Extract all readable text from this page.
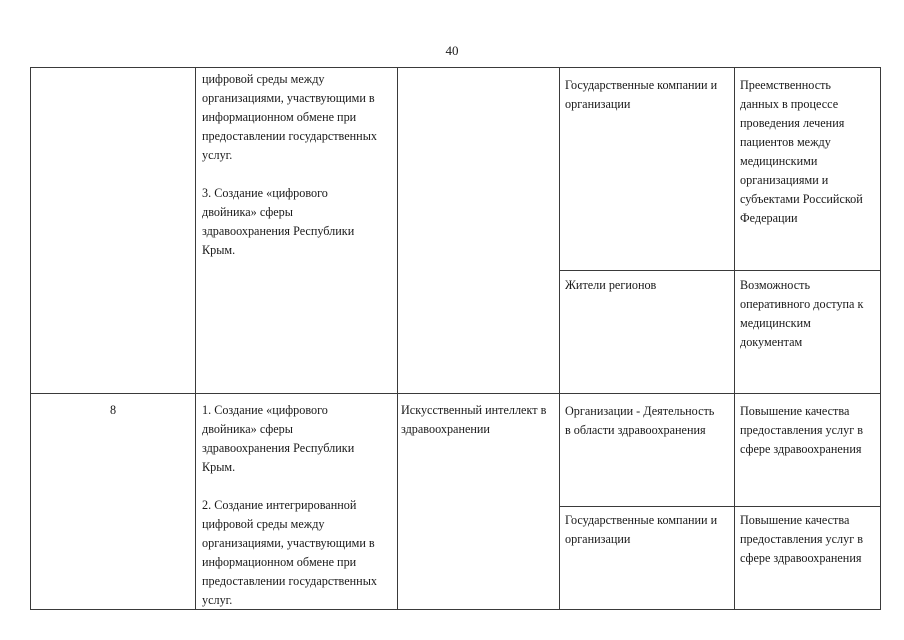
40
цифровой среды между
организациями, участвующими в
информационном обмене при
предоставлении государственных
услуг.

3. Создание «цифрового
двойника» сферы
здравоохранения Республики
Крым.
Государственные компании и
организации
Преемственность
данных в процессе
проведения лечения
пациентов между
медицинскими
организациями и
субъектами Российской
Федерации
Жители регионов	Возможность
оперативного доступа к
медицинским
документам
8	1. Создание «цифрового
двойника» сферы
здравоохранения Республики
Крым.

2. Создание интегрированной
цифровой среды между
организациями, участвующими в
информационном обмене при
предоставлении государственных
услуг.
Искусственный интеллект в
здравоохранении
Организации - Деятельность
в области здравоохранения
Повышение качества
предоставления услуг в
сфере здравоохранения
Государственные компании и
организации
Повышение качества
предоставления услуг в
сфере здравоохранения
